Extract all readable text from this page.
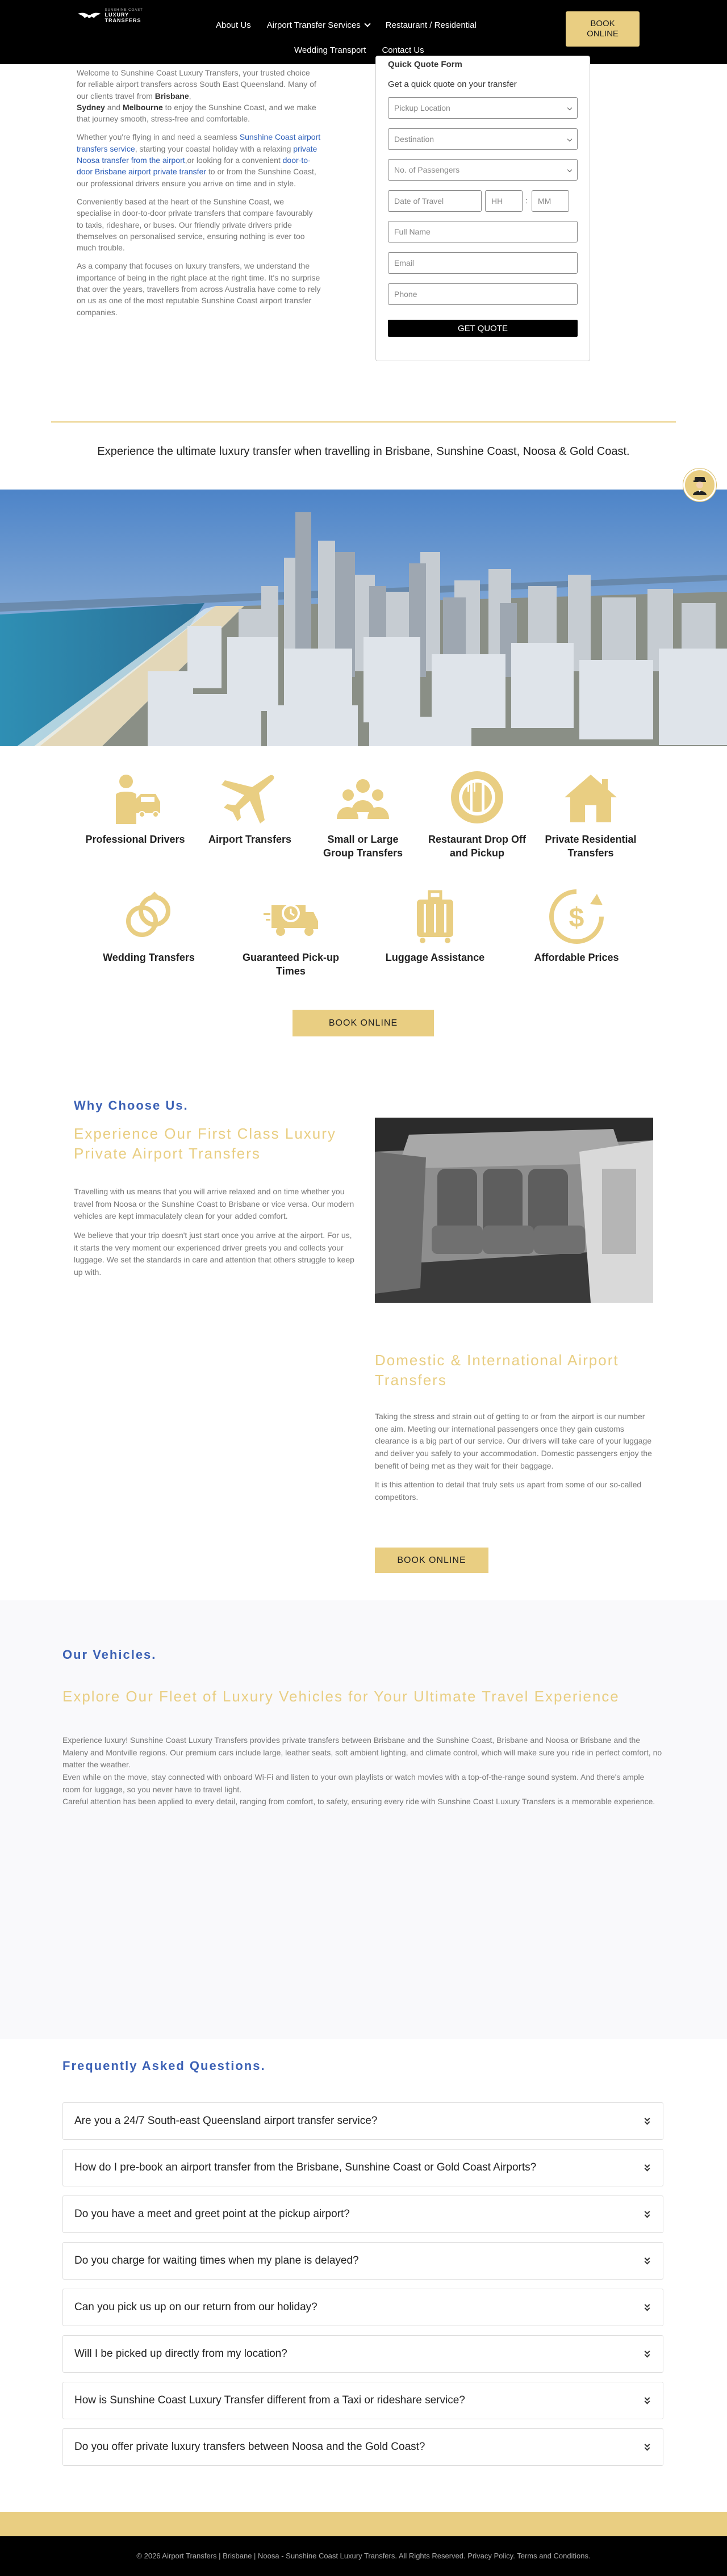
SUNSHINE COAST
LUXURY TRANSFERS	About Us Airport Transfer Services	Restaurant / Residential
Wedding Transport Contact Us
BOOK
ONLINE

Welcome to Sunshine Coast Luxury Transfers, your trusted choice for reliable airport transfers across South East Queensland. Many of our clients travel from Brisbane,
Sydney and Melbourne to enjoy the Sunshine Coast, and we make that journey smooth, stress-free and comfortable.

Whether you're flying in and need a seamless Sunshine Coast airport transfers service, starting your coastal holiday with a relaxing private Noosa transfer from the airport,or looking for a convenient door-to-door Brisbane airport private transfer to or from the Sunshine Coast, our professional drivers ensure you arrive on time and in style.

Conveniently based at the heart of the Sunshine Coast, we specialise in door-to-door private transfers that compare favourably to taxis, rideshare, or buses. Our friendly private drivers pride themselves on personalised service, ensuring nothing is ever too much trouble.

As a company that focuses on luxury transfers, we understand the importance of being in the right place at the right time. It's no surprise that over the years, travellers from across Australia have come to rely on us as one of the most reputable Sunshine Coast airport transfer companies.

Quick Quote Form
Get a quick quote on your transfer
Pickup Location
Destination
No. of Passengers
Date of Travel	HH	: MM
Full Name
Email
Phone
GET QUOTE
Experience the ultimate luxury transfer when travelling in Brisbane, Sunshine Coast, Noosa & Gold Coast.
Professional Drivers	Airport Transfers	Small or Large Group Transfers
Restaurant Drop Off and Pickup
Private Residential Transfers
Wedding Transfers	Guaranteed Pick-up Times
Luggage Assistance
$
Affordable Prices
BOOK ONLINE
Why Choose Us.
Experience Our First Class Luxury Private Airport Transfers

Travelling with us means that you will arrive relaxed and on time whether you travel from Noosa or the Sunshine Coast to Brisbane or vice versa. Our modern vehicles are kept immaculately clean for your added comfort.

We believe that your trip doesn't just start once you arrive at the airport. For us, it starts the very moment our experienced driver greets you and collects your luggage. We set the standards in care and attention that others struggle to keep up with.

Domestic & International Airport Transfers

Taking the stress and strain out of getting to or from the airport is our number one aim. Meeting our international passengers once they gain customs clearance is a big part of our service. Our drivers will take care of your luggage and deliver you safely to your accommodation. Domestic passengers enjoy the benefit of being met as they wait for their baggage.

It is this attention to detail that truly sets us apart from some of our so-called competitors.

BOOK ONLINE
Our Vehicles.
Explore Our Fleet of Luxury Vehicles for Your Ultimate Travel Experience
Experience luxury! Sunshine Coast Luxury Transfers provides private transfers between Brisbane and the Sunshine Coast, Brisbane and Noosa or Brisbane and the Maleny and Montville regions. Our premium cars include large, leather seats, soft ambient lighting, and climate control, which will make sure you ride in perfect comfort, no matter the weather.
Even while on the move, stay connected with onboard Wi-Fi and listen to your own playlists or watch movies with a top-of-the-range sound system. And there's ample room for luggage, so you never have to travel light.
Careful attention has been applied to every detail, ranging from comfort, to safety, ensuring every ride with Sunshine Coast Luxury Transfers is a memorable experience.
Frequently Asked Questions.
Are you a 24/7 South-east Queensland airport transfer service?
How do I pre-book an airport transfer from the Brisbane, Sunshine Coast or Gold Coast Airports?
Do you have a meet and greet point at the pickup airport?
Do you charge for waiting times when my plane is delayed?
Can you pick us up on our return from our holiday?
Will I be picked up directly from my location?
How is Sunshine Coast Luxury Transfer different from a Taxi or rideshare service?
Do you offer private luxury transfers between Noosa and the Gold Coast?
© 2026 Airport Transfers | Brisbane | Noosa - Sunshine Coast Luxury Transfers. All Rights Reserved. Privacy Policy. Terms and Conditions.
